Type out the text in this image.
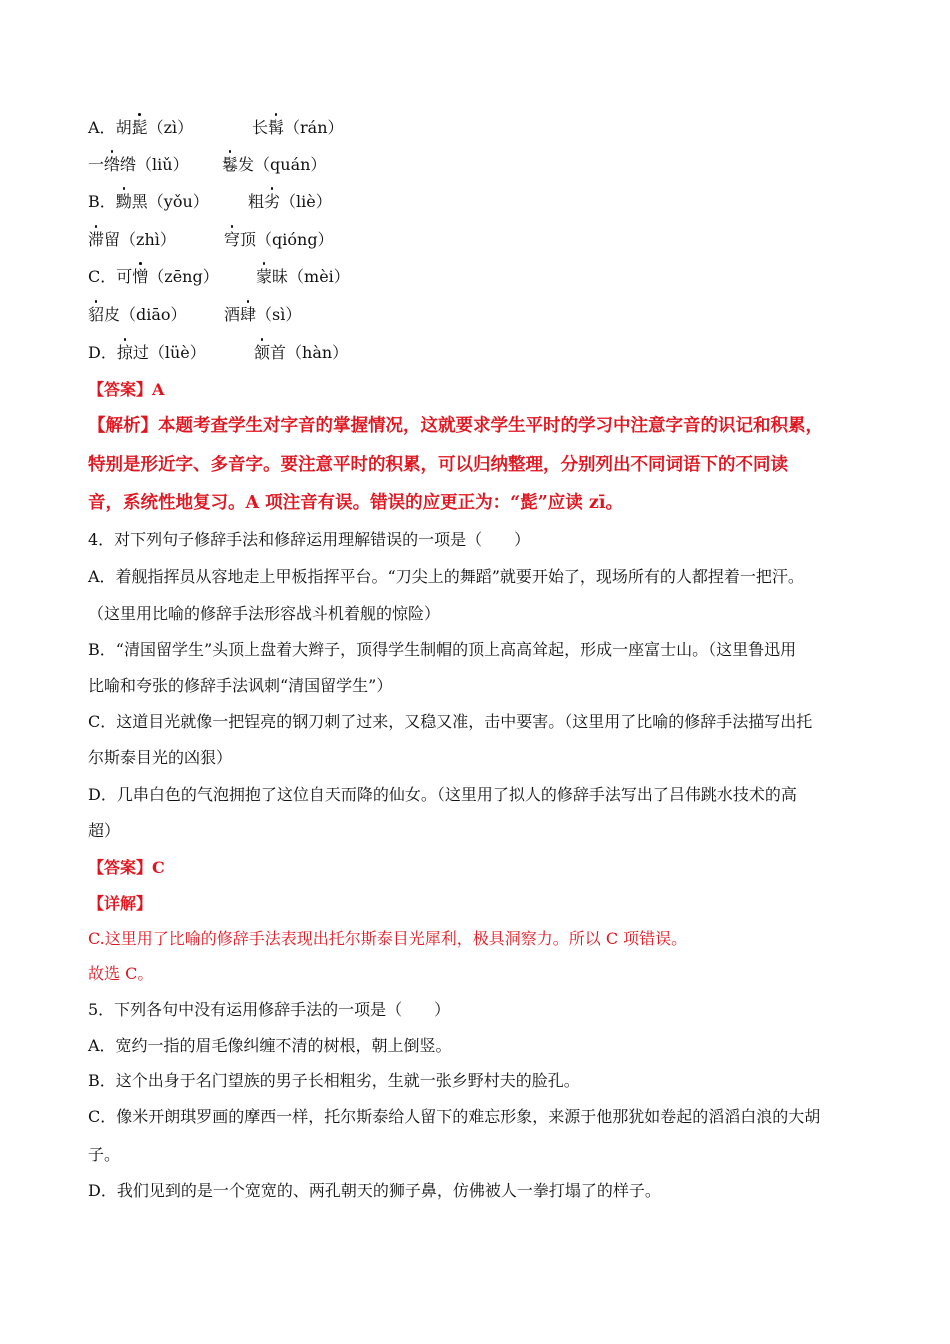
A．胡髭（zì）	长髯（rán）
一绺绺（liǔ） 鬈发（quán）
B．黝黑（yǒu） 粗劣（liè）
滞留（zhì）	穹顶（qióng）
C．可憎（zēng） 蒙昧（mèi）
貂皮（diāo） 酒肆（sì）
D．掠过（lüè）	颔首（hàn）
【答案】A
【解析】本题考查学生对字音的掌握情况，这就要求学生平时的学习中注意字音的识记和积累，
特别是形近字、多音字。要注意平时的积累，可以归纳整理，分别列出不同词语下的不同读
音，系统性地复习。A 项注音有误。错误的应更正为：“髭”应读 zī。
4．对下列句子修辞手法和修辞运用理解错误的一项是（　　）
A．着舰指挥员从容地走上甲板指挥平台。“刀尖上的舞蹈”就要开始了，现场所有的人都捏着一把汗。
（这里用比喻的修辞手法形容战斗机着舰的惊险）
B．“清国留学生”头顶上盘着大辫子，顶得学生制帽的顶上高高耸起，形成一座富士山。（这里鲁迅用
比喻和夸张的修辞手法讽刺“清国留学生”）
C．这道目光就像一把锃亮的钢刀刺了过来，又稳又准，击中要害。（这里用了比喻的修辞手法描写出托
尔斯泰目光的凶狠）
D．几串白色的气泡拥抱了这位自天而降的仙女。（这里用了拟人的修辞手法写出了吕伟跳水技术的高
超）
【答案】C
【详解】
C.这里用了比喻的修辞手法表现出托尔斯泰目光犀利，极具洞察力。所以 C 项错误。
故选 C。
5．下列各句中没有运用修辞手法的一项是（　　）
A．宽约一指的眉毛像纠缠不清的树根，朝上倒竖。
B．这个出身于名门望族的男子长相粗劣，生就一张乡野村夫的脸孔。
C．像米开朗琪罗画的摩西一样，托尔斯泰给人留下的难忘形象，来源于他那犹如卷起的滔滔白浪的大胡
子。
D．我们见到的是一个宽宽的、两孔朝天的狮子鼻，仿佛被人一拳打塌了的样子。
